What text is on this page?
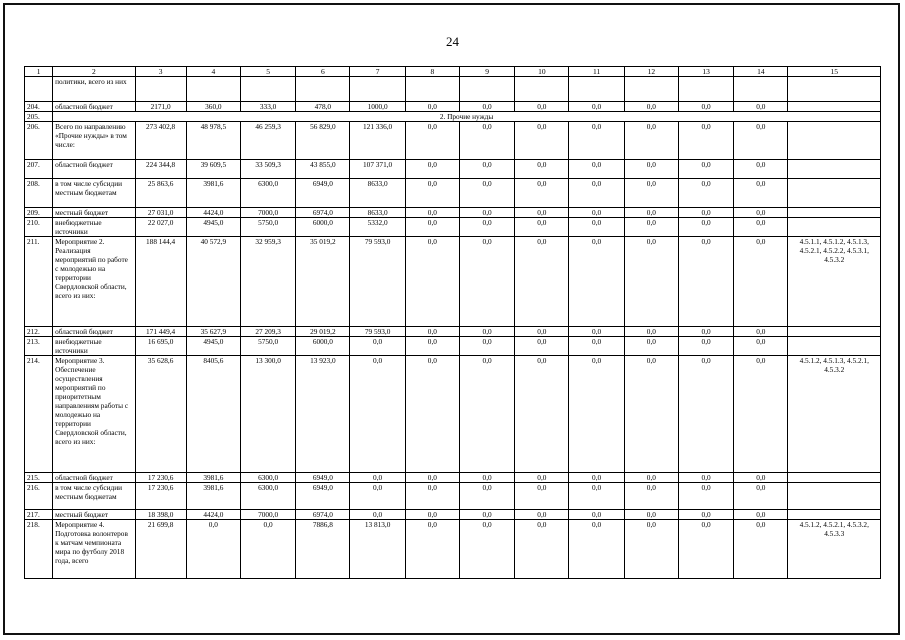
24
1	2	3	4	5	6	7	8	9	10	11	12	13	14	15
	политики, всего из них													
204.	областной бюджет	2171,0	360,0	333,0	478,0	1000,0	0,0	0,0	0,0	0,0	0,0	0,0	0,0	
205.	2. Прочие нужды													
206.	Всего по направлению «Прочие нужды» в том числе:	273 402,8	48 978,5	46 259,3	56 829,0	121 336,0	0,0	0,0	0,0	0,0	0,0	0,0	0,0	
207.	областной бюджет	224 344,8	39 609,5	33 509,3	43 855,0	107 371,0	0,0	0,0	0,0	0,0	0,0	0,0	0,0	
208.	в том числе субсидии местным бюджетам	25 863,6	3981,6	6300,0	6949,0	8633,0	0,0	0,0	0,0	0,0	0,0	0,0	0,0	
209.	местный бюджет	27 031,0	4424,0	7000,0	6974,0	8633,0	0,0	0,0	0,0	0,0	0,0	0,0	0,0	
210.	внебюджетные источники	22 027,0	4945,0	5750,0	6000,0	5332,0	0,0	0,0	0,0	0,0	0,0	0,0	0,0	
211.	Мероприятие 2. Реализация мероприятий по работе с молодежью на территории Свердловской области, всего из них:	188 144,4	40 572,9	32 959,3	35 019,2	79 593,0	0,0	0,0	0,0	0,0	0,0	0,0	0,0	4.5.1.1, 4.5.1.2, 4.5.1.3, 4.5.2.1, 4.5.2.2, 4.5.3.1, 4.5.3.2
212.	областной бюджет	171 449,4	35 627,9	27 209,3	29 019,2	79 593,0	0,0	0,0	0,0	0,0	0,0	0,0	0,0	
213.	внебюджетные источники	16 695,0	4945,0	5750,0	6000,0	0,0	0,0	0,0	0,0	0,0	0,0	0,0	0,0	
214.	Мероприятие 3. Обеспечение осуществления мероприятий по приоритетным направлениям работы с молодежью на территории Свердловской области, всего из них:	35 628,6	8405,6	13 300,0	13 923,0	0,0	0,0	0,0	0,0	0,0	0,0	0,0	0,0	4.5.1.2, 4.5.1.3, 4.5.2.1, 4.5.3.2
215.	областной бюджет	17 230,6	3981,6	6300,0	6949,0	0,0	0,0	0,0	0,0	0,0	0,0	0,0	0,0	
216.	в том числе субсидии местным бюджетам	17 230,6	3981,6	6300,0	6949,0	0,0	0,0	0,0	0,0	0,0	0,0	0,0	0,0	
217.	местный бюджет	18 398,0	4424,0	7000,0	6974,0	0,0	0,0	0,0	0,0	0,0	0,0	0,0	0,0	
218.	Мероприятие 4. Подготовка волонтеров к матчам чемпионата мира по футболу 2018 года, всего	21 699,8	0,0	0,0	7886,8	13 813,0	0,0	0,0	0,0	0,0	0,0	0,0	0,0	4.5.1.2, 4.5.2.1, 4.5.3.2, 4.5.3.3
